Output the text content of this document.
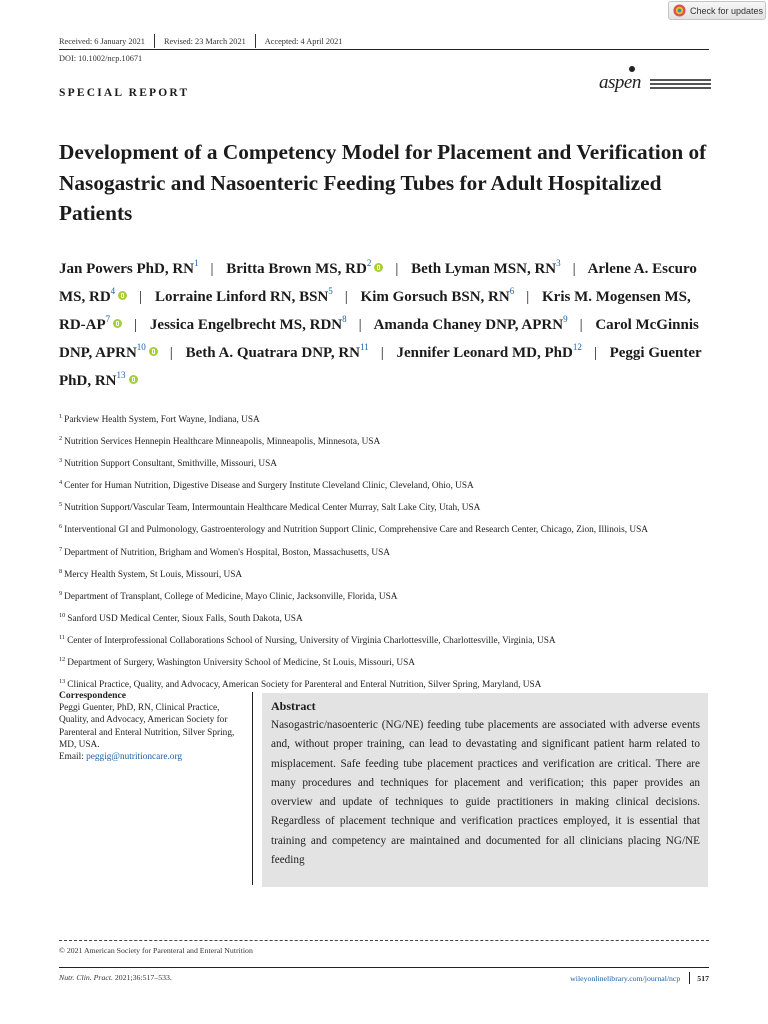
Check for updates
Received: 6 January 2021 Revised: 23 March 2021 Accepted: 4 April 2021
DOI: 10.1002/ncp.10671
SPECIAL REPORT	aspen
Development of a Competency Model for Placement and Verification of Nasogastric and Nasoenteric Feeding Tubes for Adult Hospitalized Patients
Jan Powers PhD, $RN^1$ | Britta Brown MS, $RD^2$ | Beth Lyman MSN, $RN^3$ | Arlene A. Escuro MS, $RD^4$ | Lorraine Linford RN, BSN$^5$ | Kim Gorsuch BSN, $RN^6$ | Kris M. Mogensen MS, $RD-AP^7$ | Jessica Engelbrecht MS, RDN$^8$ | Amanda Chaney DNP, APRN$^9$ | Carol McGinnis DNP, APRN$^{10}$ | Beth A. Quatrara DNP, RN$^{11}$ | Jennifer Leonard MD, PhD$^{12}$ | Peggi Guenter PhD, RN$^{13}$
$^1$ Parkview Health System, Fort Wayne, Indiana, USA
$^2$ Nutrition Services Hennepin Healthcare Minneapolis, Minneapolis, Minnesota, USA
$^3$ Nutrition Support Consultant, Smithville, Missouri, USA
$^4$ Center for Human Nutrition, Digestive Disease and Surgery Institute Cleveland Clinic, Cleveland, Ohio, USA
$^5$ Nutrition Support/Vascular Team, Intermountain Healthcare Medical Center Murray, Salt Lake City, Utah, USA
$^6$ Interventional GI and Pulmonology, Gastroenterology and Nutrition Support Clinic, Comprehensive Care and Research Center, Chicago, Zion, Illinois, USA
$^7$ Department of Nutrition, Brigham and Women's Hospital, Boston, Massachusetts, USA
$^8$ Mercy Health System, St Louis, Missouri, USA
$^9$ Department of Transplant, College of Medicine, Mayo Clinic, Jacksonville, Florida, USA
$^{10}$ Sanford USD Medical Center, Sioux Falls, South Dakota, USA
$^{11}$ Center of Interprofessional Collaborations School of Nursing, University of Virginia Charlottesville, Charlottesville, Virginia, USA
$^{12}$ Department of Surgery, Washington University School of Medicine, St Louis, Missouri, USA
$^{13}$ Clinical Practice, Quality, and Advocacy, American Society for Parenteral and Enteral Nutrition, Silver Spring, Maryland, USA
Correspondence
Peggi Guenter, PhD, RN, Clinical Practice, Quality, and Advocacy, American Society for Parenteral and Enteral Nutrition, Silver Spring, MD, USA.
Email: peggig@nutritioncare.org
Abstract

Nasogastric/nasoenteric (NG/NE) feeding tube placements are associated with adverse events and, without proper training, can lead to devastating and significant patient harm related to misplacement. Safe feeding tube placement practices and verification are critical. There are many procedures and techniques for placement and verification; this paper provides an overview and update of techniques to guide practitioners in making clinical decisions. Regardless of placement technique and verification practices employed, it is essential that training and competency are maintained and documented for all clinicians placing NG/NE feeding

© 2021 American Society for Parenteral and Enteral Nutrition
Nutr. Clin. Pract. 2021;36:517–533.	wileyonlinelibrary.com/journal/ncp 517
